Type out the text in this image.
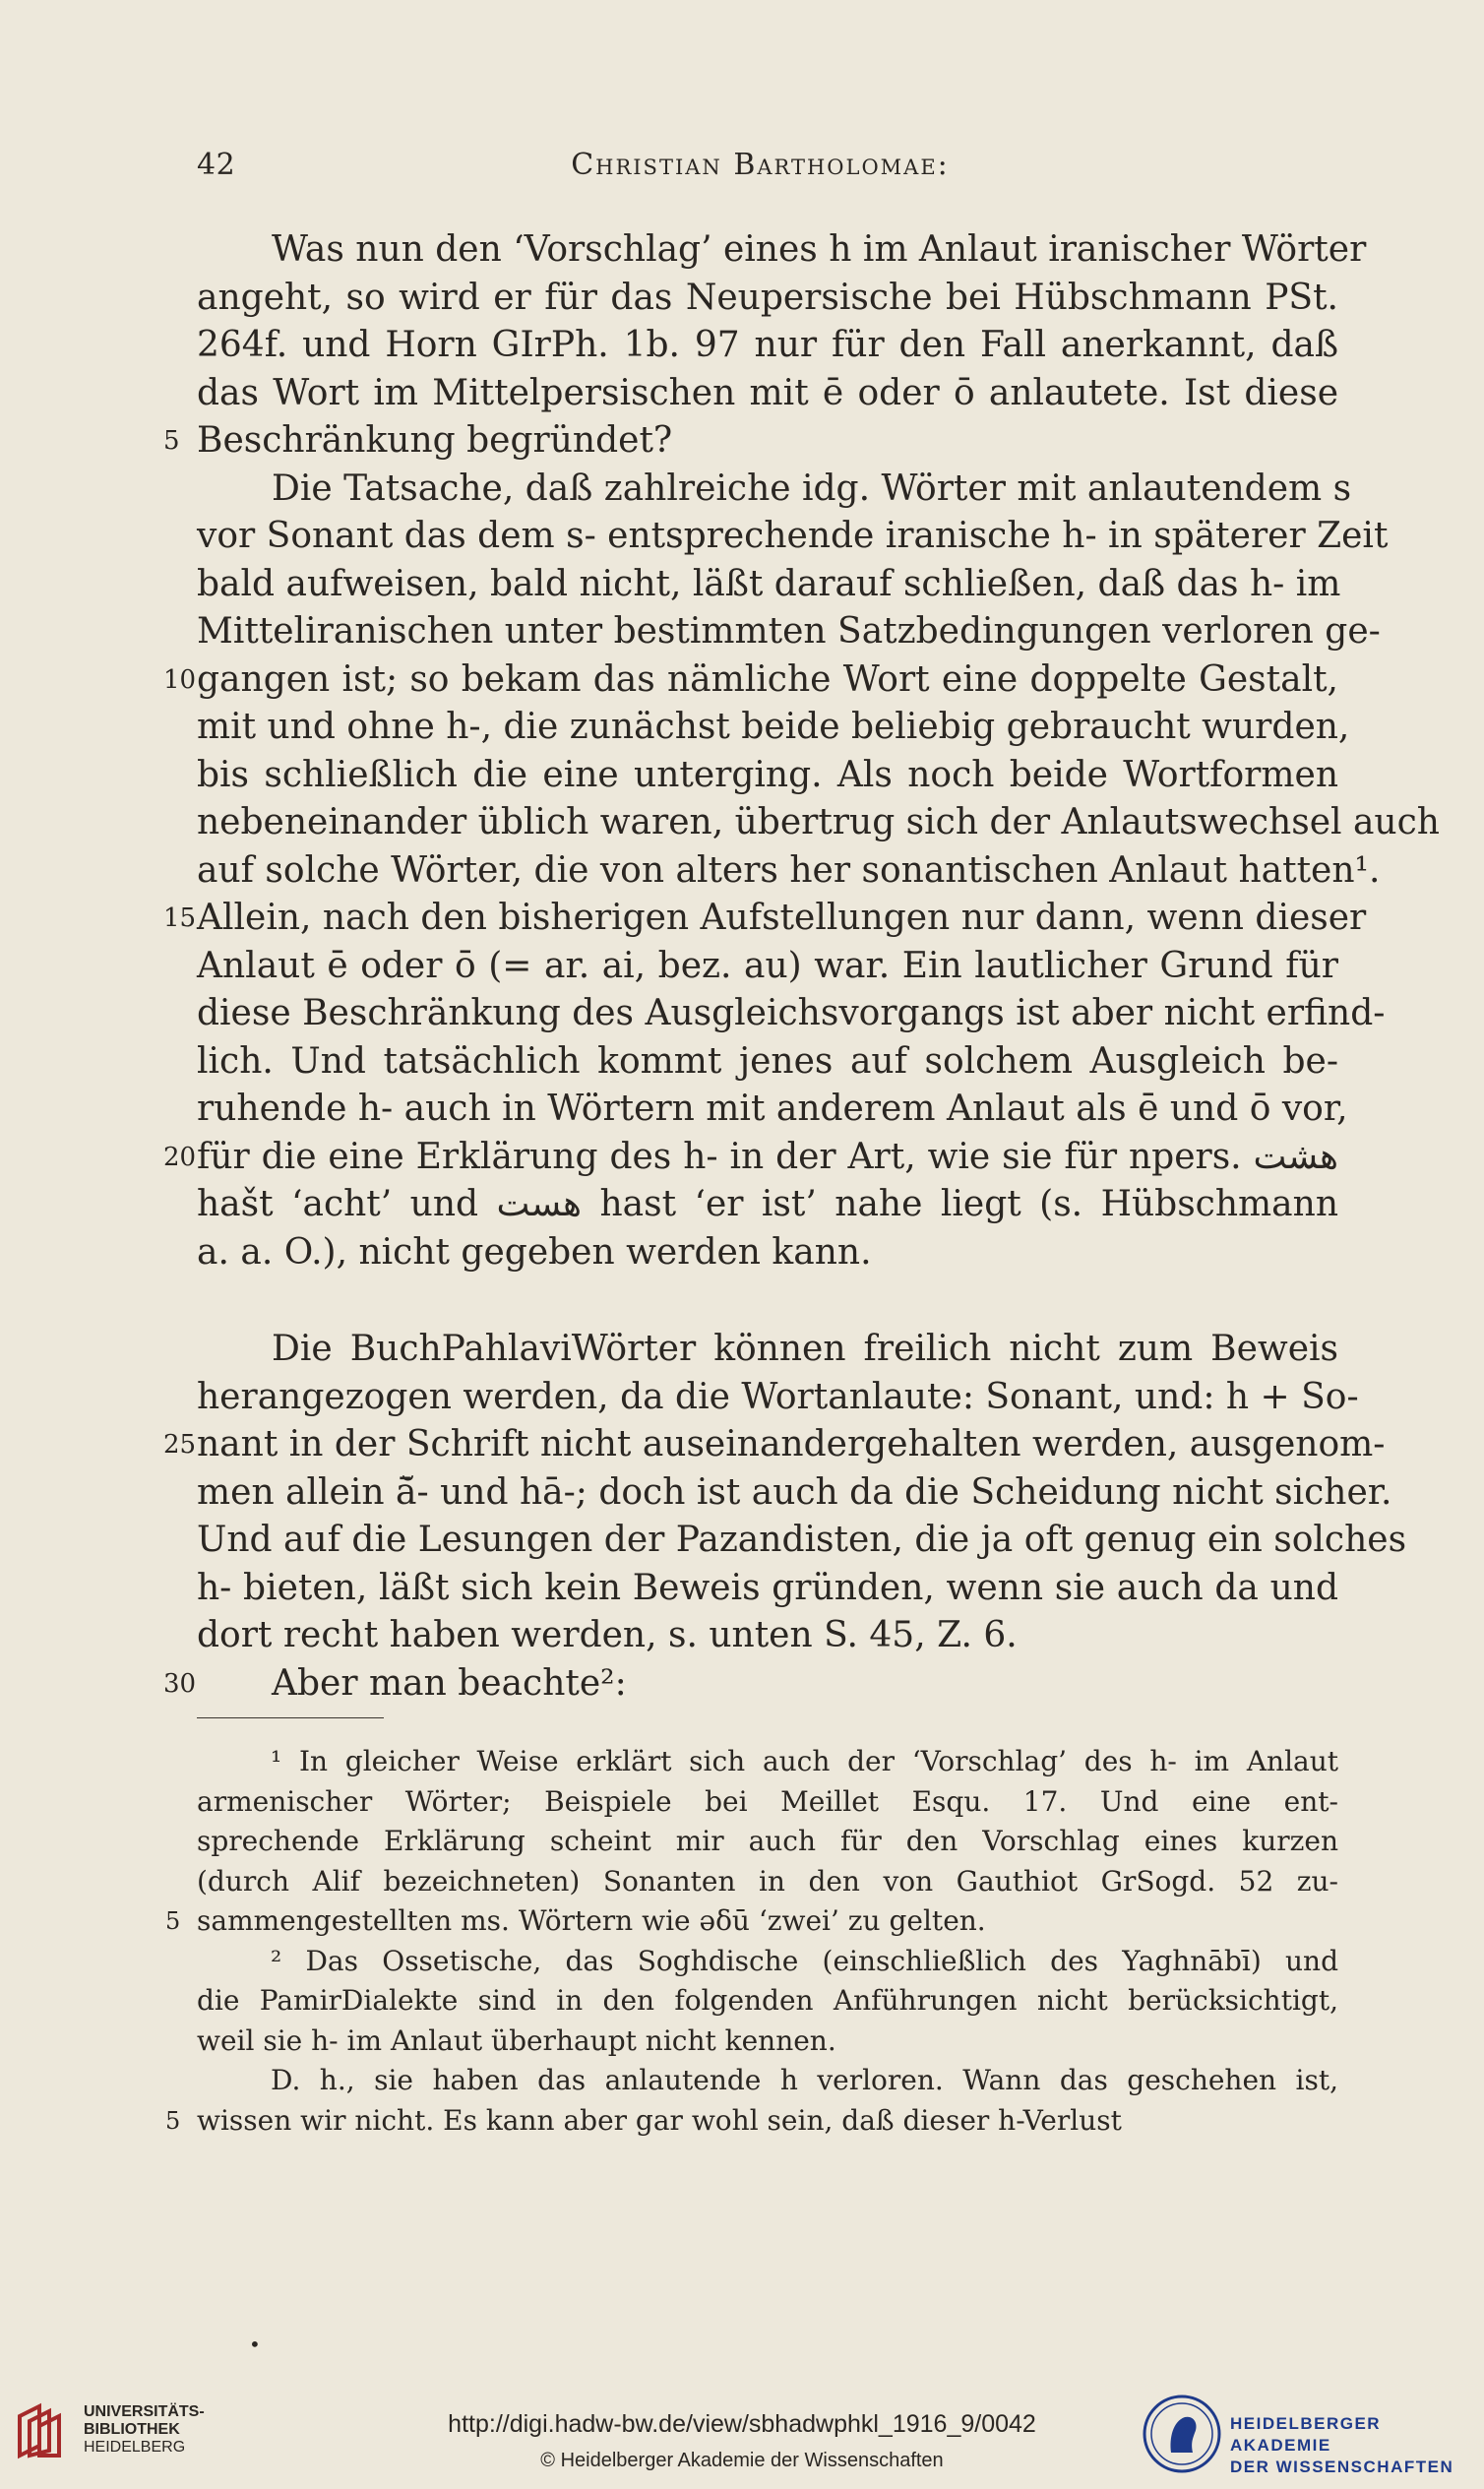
42	Christian Bartholomae:
Was nun den ‘Vorschlag’ eines h im Anlaut iranischer Wörter
angeht, so wird er für das Neupersische bei Hübschmann PSt.
264f. und Horn GIrPh. 1b. 97 nur für den Fall anerkannt, daß
das Wort im Mittelpersischen mit ē oder ō anlautete. Ist diese
5 Beschränkung begründet?
Die Tatsache, daß zahlreiche idg. Wörter mit anlautendem s
vor Sonant das dem s- entsprechende iranische h- in späterer Zeit
bald aufweisen, bald nicht, läßt darauf schließen, daß das h- im
Mitteliranischen unter bestimmten Satzbedingungen verloren ge-
10 gangen ist; so bekam das nämliche Wort eine doppelte Gestalt,
mit und ohne h-, die zunächst beide beliebig gebraucht wurden,
bis schließlich die eine unterging. Als noch beide Wortformen
nebeneinander üblich waren, übertrug sich der Anlautswechsel auch
auf solche Wörter, die von alters her sonantischen Anlaut hatten¹.
15 Allein, nach den bisherigen Aufstellungen nur dann, wenn dieser
Anlaut ē oder ō (= ar. ai, bez. au) war. Ein lautlicher Grund für
diese Beschränkung des Ausgleichsvorgangs ist aber nicht erfind-
lich. Und tatsächlich kommt jenes auf solchem Ausgleich be-
ruhende h- auch in Wörtern mit anderem Anlaut als ē und ō vor,
20 für die eine Erklärung des h- in der Art, wie sie für npers. هشت
hašt ‘acht’ und هست hast ‘er ist’ nahe liegt (s. Hübschmann
a. a. O.), nicht gegeben werden kann.
Die BuchPahlaviWörter können freilich nicht zum Beweis
herangezogen werden, da die Wortanlaute: Sonant, und: h + So-
25 nant in der Schrift nicht auseinandergehalten werden, ausgenom-
men allein ā̆- und hā-; doch ist auch da die Scheidung nicht sicher.
Und auf die Lesungen der Pazandisten, die ja oft genug ein solches
h- bieten, läßt sich kein Beweis gründen, wenn sie auch da und
dort recht haben werden, s. unten S. 45, Z. 6.
30 Aber man beachte²:
¹ In gleicher Weise erklärt sich auch der ‘Vorschlag’ des h- im Anlaut
armenischer Wörter; Beispiele bei Meillet Esqu. 17. Und eine ent-
sprechende Erklärung scheint mir auch für den Vorschlag eines kurzen
(durch Alif bezeichneten) Sonanten in den von Gauthiot GrSogd. 52 zu-
5 sammengestellten ms. Wörtern wie əδū ‘zwei’ zu gelten.
² Das Ossetische, das Soghdische (einschließlich des Yaghnābī) und
die PamirDialekte sind in den folgenden Anführungen nicht berücksichtigt,
weil sie h- im Anlaut überhaupt nicht kennen.
D. h., sie haben das anlautende h verloren. Wann das geschehen ist,
5 wissen wir nicht. Es kann aber gar wohl sein, daß dieser h-Verlust
•
UNIVERSITÄTS-
BIBLIOTHEK
HEIDELBERG
http://digi.hadw-bw.de/view/sbhadwphkl_1916_9/0042
© Heidelberger Akademie der Wissenschaften
HEIDELBERGER AKADEMIE
DER WISSENSCHAFTEN
